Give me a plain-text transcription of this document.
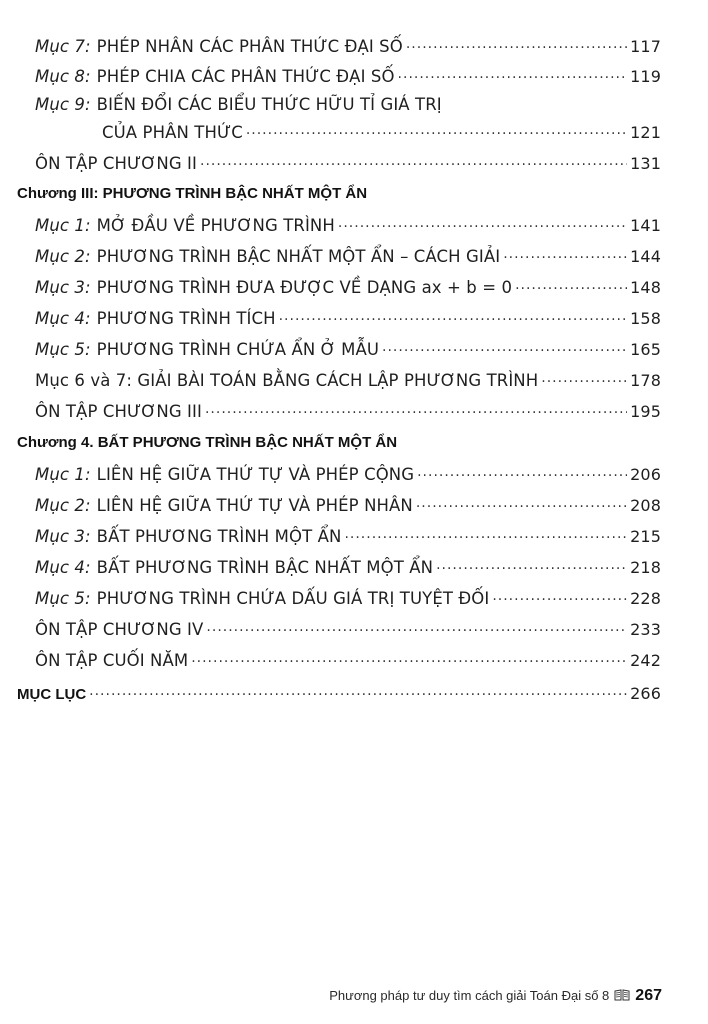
Mục 7: PHÉP NHÂN CÁC PHÂN THỨC ĐẠI SỐ .....	117
Mục 8: PHÉP CHIA CÁC PHÂN THỨC ĐẠI SỐ .....	119
Mục 9: BIẾN ĐỔI CÁC BIỂU THỨC HỮU TỈ GIÁ TRỊ
CỦA PHÂN THỨC .....	121
ÔN TẬP CHƯƠNG II .....	131
Chương III: PHƯƠNG TRÌNH BẬC NHẤT MỘT ẨN
Mục 1: MỞ ĐẦU VỀ PHƯƠNG TRÌNH .....	141
Mục 2: PHƯƠNG TRÌNH BẬC NHẤT MỘT ẨN – CÁCH GIẢI .....	144
Mục 3: PHƯƠNG TRÌNH ĐƯA ĐƯỢC VỀ DẠNG ax + b = 0 .....	148
Mục 4: PHƯƠNG TRÌNH TÍCH .....	158
Mục 5: PHƯƠNG TRÌNH CHỨA ẨN Ở MẪU .....	165
Mục 6 và 7: GIẢI BÀI TOÁN BẰNG CÁCH LẬP PHƯƠNG TRÌNH .....	178
ÔN TẬP CHƯƠNG III .....	195
Chương 4. BẤT PHƯƠNG TRÌNH BẬC NHẤT MỘT ẨN
Mục 1: LIÊN HỆ GIỮA THỨ TỰ VÀ PHÉP CỘNG .....	206
Mục 2: LIÊN HỆ GIỮA THỨ TỰ VÀ PHÉP NHÂN .....	208
Mục 3: BẤT PHƯƠNG TRÌNH MỘT ẨN .....	215
Mục 4: BẤT PHƯƠNG TRÌNH BẬC NHẤT MỘT ẨN .....	218
Mục 5: PHƯƠNG TRÌNH CHỨA DẤU GIÁ TRỊ TUYỆT ĐỐI .....	228
ÔN TẬP CHƯƠNG IV .....	233
ÔN TẬP CUỐI NĂM .....	242
MỤC LỤC .....	266
Phương pháp tư duy tìm cách giải Toán Đại số 8 267
